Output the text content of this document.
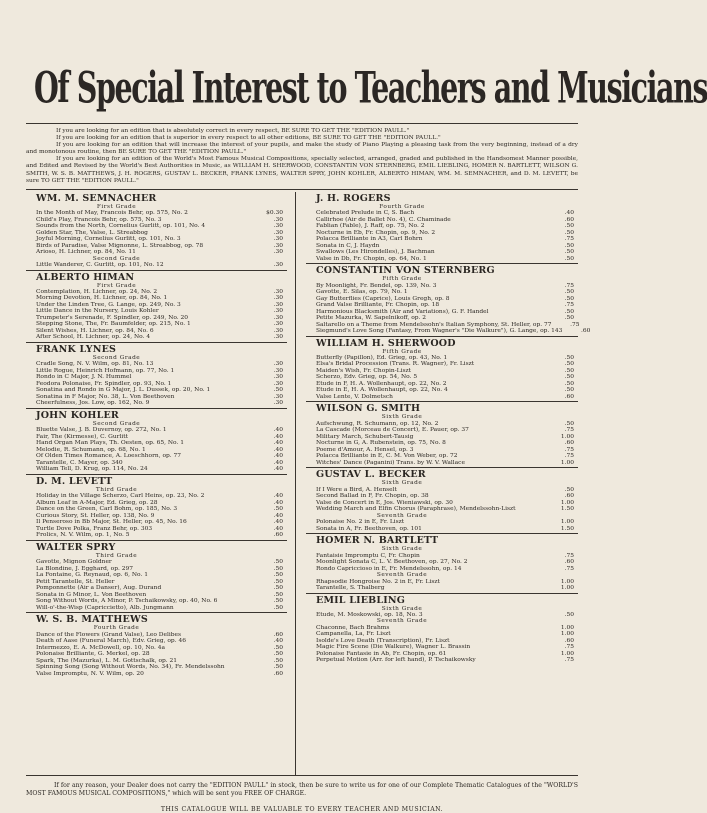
Of Special Interest to Teachers and Musicians

If you are looking for an edition that is absolutely correct in every respect, BE SURE TO GET THE "EDITION PAULL."

If you are looking for an edition that is superior in every respect to all other editions, BE SURE TO GET THE "EDITION PAULL."

If you are looking for an edition that will increase the interest of your pupils, and make the study of Piano Playing a pleasing task from the very beginning, instead of a dry and monotonous routine, then BE SURE TO GET THE "EDITION PAULL."

If you are looking for an edition of the World's Most Famous Musical Compositions, specially selected, arranged, graded and published in the Handsomest Manner possible, and Edited and Revised by the World's Best Authorities in Music, as WILLIAM H. SHERWOOD, CONSTANTIN VON STERNBERG, EMIL LIEBLING, HOMER N. BARTLETT, WILSON G. SMITH, W. S. B. MATTHEWS, J. H. ROGERS, GUSTAV L. BECKER, FRANK LYNES, WALTER SPRY, JOHN KOHLER, ALBERTO HIMAN, WM. M. SEMNACHER, and D. M. LEVETT, be sure TO GET THE "EDITION PAULL."

WM. M. SEMNACHER
First Grade
In the Month of May, Francois Behr, op. 575, No. 2	$0.30
Child's Play, Francois Behr, op. 575, No. 3	.30
Sounds from the North, Cornelius Gurlitt, op. 101, No. 4	.30
Golden Star, The, Valse, L. Streabbog	.30
Joyful Morning, Cornelius Gurlitt, op. 101, No. 3	.30
Birds of Paradise, Valse Mignonne, L. Streabbog, op. 78	.30
Arioso, H. Lichner, op. 84, No. 11	.30
Second Grade
Little Wanderer, C. Gurlitt, op. 101, No. 12	.30
ALBERTO HIMAN
First Grade
Contemplation, H. Lichner, op. 24, No. 2	.30
Morning Devotion, H. Lichner, op. 84, No. 1	.30
Under the Linden Tree, G. Lange, op. 249, No. 3	.30
Little Dance in the Nursery, Louis Kohler	.30
Trumpeter's Serenade, F. Spindler, op. 249, No. 20	.30
Stepping Stone, The, Fr. Baumfelder, op. 215, No. 1	.30
Silent Wishes, H. Lichner, op. 84, No. 6	.30
After School, H. Lichner, op. 24, No. 4	.30
FRANK LYNES
Second Grade
Cradle Song, N. V. Wilm, op. 81, No. 13	.30
Little Rogue, Heinrich Hofmann, op. 77, No. 1	.30
Rondo in C Major, J. N. Hummel	.30
Feodora Polonaise, Fr. Spindler, op. 93, No. 1	.30
Sonatina and Rondo in G Major, J. L. Dussek, op. 20, No. 1	.50
Sonatina in F Major, No. 38, L. Von Beethoven	.30
Cheerfulness, Jos. Low, op. 162, No. 9	.30
JOHN KOHLER
Second Grade
Bluette Valse, J. B. Duvernoy, op. 272, No. 1	.40
Fair, The (Kirmesse), C. Gurlitt	.40
Hand Organ Man Plays, Th. Oesten, op. 65, No. 1	.40
Melodie, R. Schumann, op. 68, No. 1	.40
Of Olden Times Romance, A. Loeschhorn, op. 77	.40
Tarantelle, C. Mayer, op. 340	.40
William Tell, D. Krug, op. 114, No. 24	.40
D. M. LEVETT
Third Grade
Holiday in the Village Scherzo, Carl Heins, op. 23, No. 2	.40
Album Leaf in A-Major, Ed. Grieg, op. 28	.40
Dance on the Green, Carl Bohm, op. 185, No. 3	.50
Curious Story, St. Heller, op. 138, No. 9	.40
Il Penseroso in Bb Major, St. Heller, op. 45, No. 16	.40
Turtle Dove Polka, Franz Behr, op. 303	.40
Frolics, N. V. Wilm, op. 1, No. 5	.60
WALTER SPRY
Third Grade
Gavotte, Mignon Goldner	.50
La Blondine, J. Egghard, op. 297	.50
La Fontaine, G. Reynaud, op. 6, No. 1	.50
Petit Tarantelle, St. Heller	.50
Pomponnette (Air a Danser), Aug. Durand	.50
Sonata in G Minor, L. Von Beethoven	.50
Song Without Words, A Minor, P. Tschaikowsky, op. 40, No. 6	.50
Will-o'-the-Wisp (Capriccietto), Alb. Jungmann	.50
W. S. B. MATTHEWS
Fourth Grade
Dance of the Flowers (Grand Valse), Leo Delibes	.60
Death of Aase (Funeral March), Edv. Grieg, op. 46	.40
Intermezzo, E. A. McDowell, op. 10, No. 4a	.50
Polonaise Brilliante, G. Merkel, op. 28	.50
Spark, The (Mazurka), L. M. Gottschalk, op. 21	.50
Spinning Song (Song Without Words, No. 34), Fr. Mendelssohn	.50
Valse Impromptu, N. V. Wilm, op. 20	.60
J. H. ROGERS
Fourth Grade
Celebrated Prelude in C, S. Bach	.40
Callirhoe (Air de Ballet No. 4), C. Chaminade	.60
Fablian (Fable), J. Raff, op. 75, No. 2	.50
Nocturne in Eb, Fr. Chopin, op. 9, No. 2	.50
Polacca Brilliante in A3, Carl Bohrn	.75
Sonata in C, J. Haydn	.50
Swallows (Les Hirondelles), J. Bachman	.50
Valse in Db, Fr. Chopin, op. 64, No. 1	.50
CONSTANTIN VON STERNBERG
Fifth Grade
By Moonlight, Fr. Bendel, op. 139, No. 3	.75
Gavotte, E. Silas, op. 79, No. 1	.50
Gay Butterflies (Caprice), Louis Gregh, op. 8	.50
Grand Valse Brilliante, Fr. Chopin, op. 18	.75
Harmonious Blacksmith (Air and Variations), G. F. Handel	.50
Petite Mazurka, W. Sapelnikoff, op. 2	.50
Saltarello on a Theme from Mendelssohn's Italian Symphony, St. Heller, op. 77	.75
Siegmund's Love Song (Fantasy, From Wagner's "Die Walkure"), G. Lange, op. 143	.60
WILLIAM H. SHERWOOD
Fifth Grade
Butterfly (Papillon), Ed. Grieg, op. 43, No. 1	.50
Elsa's Bridal Procession (Trans. R. Wagner), Fr. Liszt	.50
Maiden's Wish, Fr. Chopin-Liszt	.50
Scherzo, Edv. Grieg, op. 54, No. 5	.50
Etude in F, H. A. Wollenhaupt, op. 22, No. 2	.50
Etude in E, H. A. Wollenhaupt, op. 22, No. 4	.50
Valse Lente, V. Dolmetsch	.60
WILSON G. SMITH
Sixth Grade
Aufschwung, R. Schumann, op. 12, No. 2	.50
La Cascade (Morceau de Concert), E. Pauer, op. 37	.75
Military March, Schubert-Tausig	1.00
Nocturne in G, A. Rubenstein, op. 75, No. 8	.60
Poeme d'Amour, A. Hensel, op. 3	.75
Polacca Brilliante in E, C. M. Von Weber, op. 72	.75
Witches' Dance (Paganini) Trans. by W. V. Wallace	1.00
GUSTAV L. BECKER
Sixth Grade
If I Were a Bird, A. Henselt	.50
Second Ballad in F, Fr. Chopin, op. 38	.60
Valse de Concert in E, Jos. Wieniawski, op. 30	1.00
Wedding March and Elfin Chorus (Paraphrase), Mendelssohn-Liszt	1.50
Seventh Grade
Polonaise No. 2 in E, Fr. Liszt	1.00
Sonata in A, Fr. Beethoven, op. 101	1.50
HOMER N. BARTLETT
Sixth Grade
Fantaisie Impromptu C, Fr. Chopin	.75
Moonlight Sonata C, L. V. Beethoven, op. 27, No. 2	.60
Rondo Capriccioso in E, Fr. Mendelssohn, op. 14	.75
Seventh Grade
Rhapsodie Hongroise No. 2 in E, Fr. Liszt	1.00
Tarantelle, S. Thalberg	1.00
EMIL LIEBLING
Sixth Grade
Etude, M. Moskowski, op. 18, No. 3	.50
Seventh Grade
Chaconne, Bach Brahms	1.00
Campanella, La, Fr. Liszt	1.00
Isolde's Love Death (Transcription), Fr. Liszt	.60
Magic Fire Scene (Die Walkure), Wagner L. Brassin	.75
Polonaise Fantasie in Ab, Fr. Chopin, op. 61	1.00
Perpetual Motion (Arr. for left hand), P. Tschaikowsky	.75

If for any reason, your Dealer does not carry the "EDITION PAULL" in stock, then be sure to write us for one of our Complete Thematic Catalogues of the "WORLD'S MOST FAMOUS MUSICAL COMPOSITIONS," which will be sent you FREE OF CHARGE.

THIS CATALOGUE WILL BE VALUABLE TO EVERY TEACHER AND MUSICIAN.
